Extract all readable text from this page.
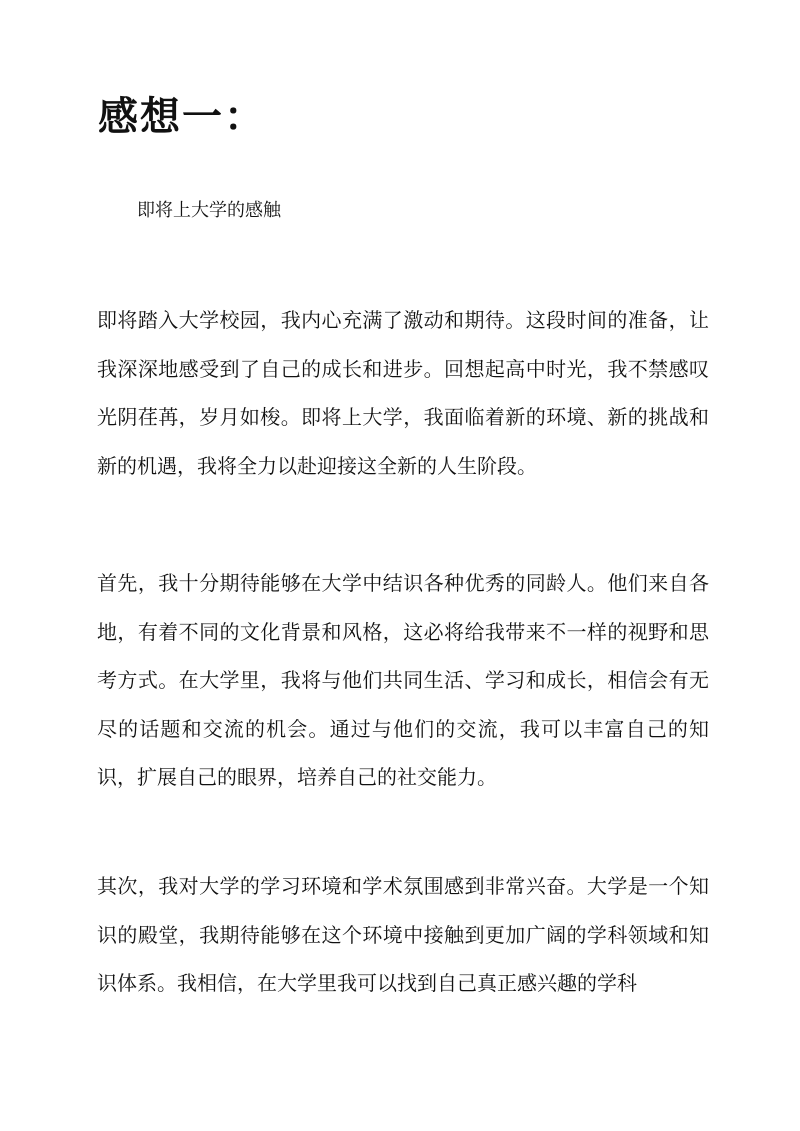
感想一：

即将上大学的感触

即将踏入大学校园，我内心充满了激动和期待。这段时间的准备，让我深深地感受到了自己的成长和进步。回想起高中时光，我不禁感叹光阴荏苒，岁月如梭。即将上大学，我面临着新的环境、新的挑战和新的机遇，我将全力以赴迎接这全新的人生阶段。

首先，我十分期待能够在大学中结识各种优秀的同龄人。他们来自各地，有着不同的文化背景和风格，这必将给我带来不一样的视野和思考方式。在大学里，我将与他们共同生活、学习和成长，相信会有无尽的话题和交流的机会。通过与他们的交流，我可以丰富自己的知识，扩展自己的眼界，培养自己的社交能力。

其次，我对大学的学习环境和学术氛围感到非常兴奋。大学是一个知识的殿堂，我期待能够在这个环境中接触到更加广阔的学科领域和知识体系。我相信，在大学里我可以找到自己真正感兴趣的学科
